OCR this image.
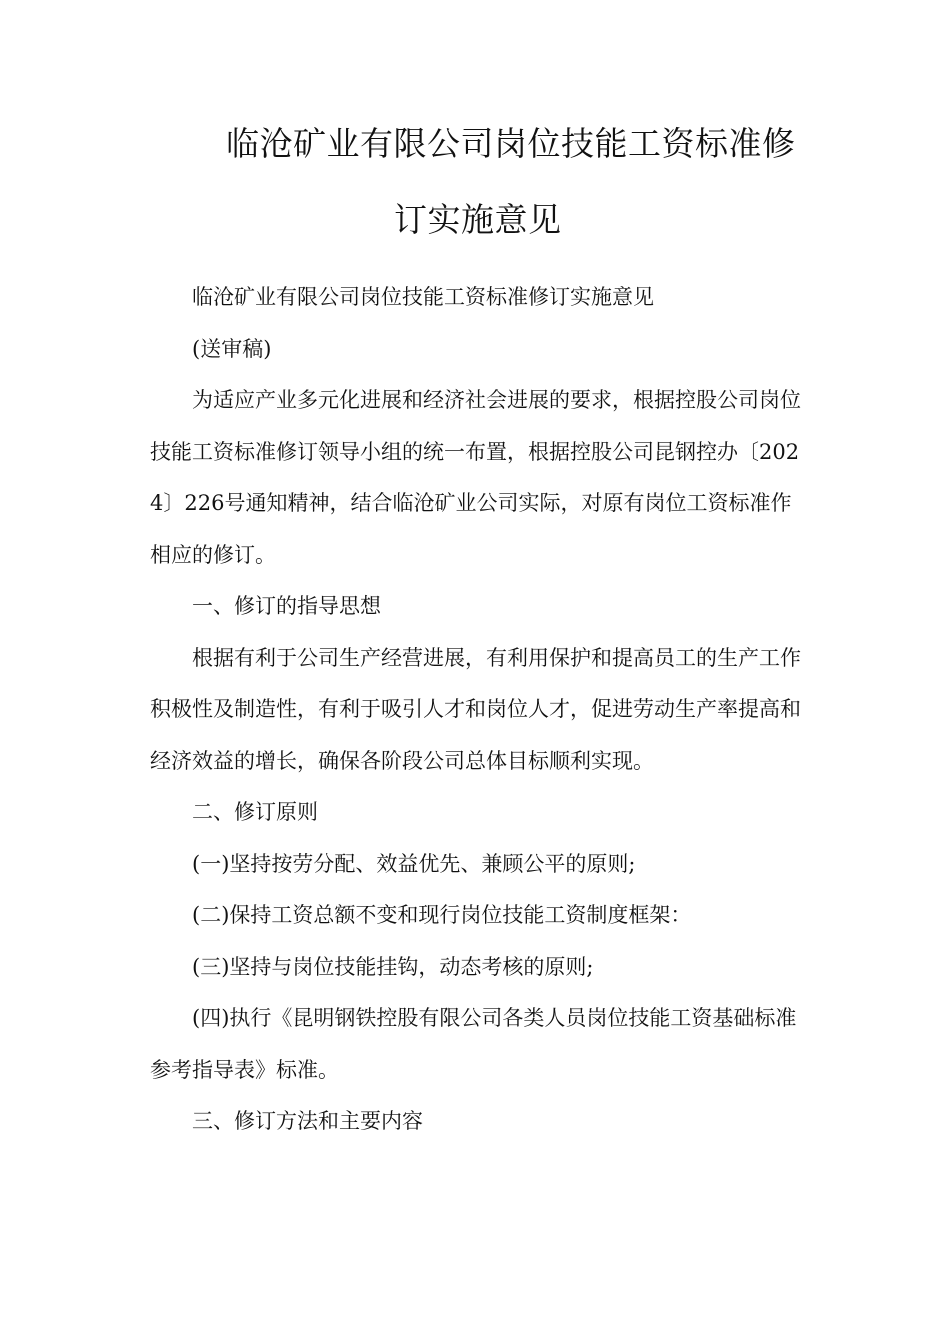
临沧矿业有限公司岗位技能工资标准修
订实施意见

临沧矿业有限公司岗位技能工资标准修订实施意见

(送审稿)

为适应产业多元化进展和经济社会进展的要求，根据控股公司岗位技能工资标准修订领导小组的统一布置，根据控股公司昆钢控办〔2024〕226号通知精神，结合临沧矿业公司实际，对原有岗位工资标准作相应的修订。

一、修订的指导思想

根据有利于公司生产经营进展，有利用保护和提高员工的生产工作积极性及制造性，有利于吸引人才和岗位人才，促进劳动生产率提高和经济效益的增长，确保各阶段公司总体目标顺利实现。

二、修订原则

(一)坚持按劳分配、效益优先、兼顾公平的原则;

(二)保持工资总额不变和现行岗位技能工资制度框架：

(三)坚持与岗位技能挂钩，动态考核的原则;

(四)执行《昆明钢铁控股有限公司各类人员岗位技能工资基础标准参考指导表》标准。

三、修订方法和主要内容
